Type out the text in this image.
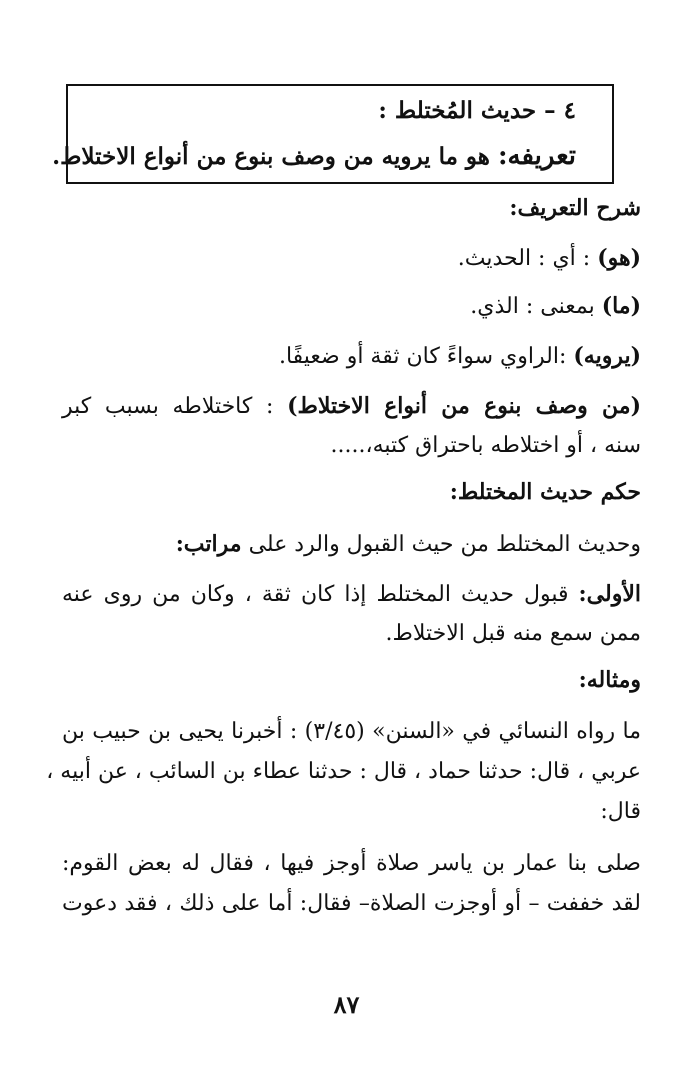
٤ – حديث المُختلط :
تعريفه: هو ما يرويه من وصف بنوع من أنواع الاختلاط.
شرح التعريف:
(هو) : أي : الحديث.
(ما) بمعنى : الذي.
(يرويه) :الراوي سواءً كان ثقة أو ضعيفًا.
(من وصف بنوع من أنواع الاختلاط) : كاختلاطه بسبب كبر
سنه ، أو اختلاطه باحتراق كتبه،.....
حكم حديث المختلط:
وحديث المختلط من حيث القبول والرد على مراتب:
الأولى: قبول حديث المختلط إذا كان ثقة ، وكان من روى عنه
ممن سمع منه قبل الاختلاط.
ومثاله:
ما رواه النسائي في «السنن» (٣/٤٥) : أخبرنا يحيى بن حبيب بن
عربي ، قال: حدثنا حماد ، قال : حدثنا عطاء بن السائب ، عن أبيه ،
قال:
صلى بنا عمار بن ياسر صلاة أوجز فيها ، فقال له بعض القوم:
لقد خففت – أو أوجزت الصلاة– فقال: أما على ذلك ، فقد دعوت
٨٧
